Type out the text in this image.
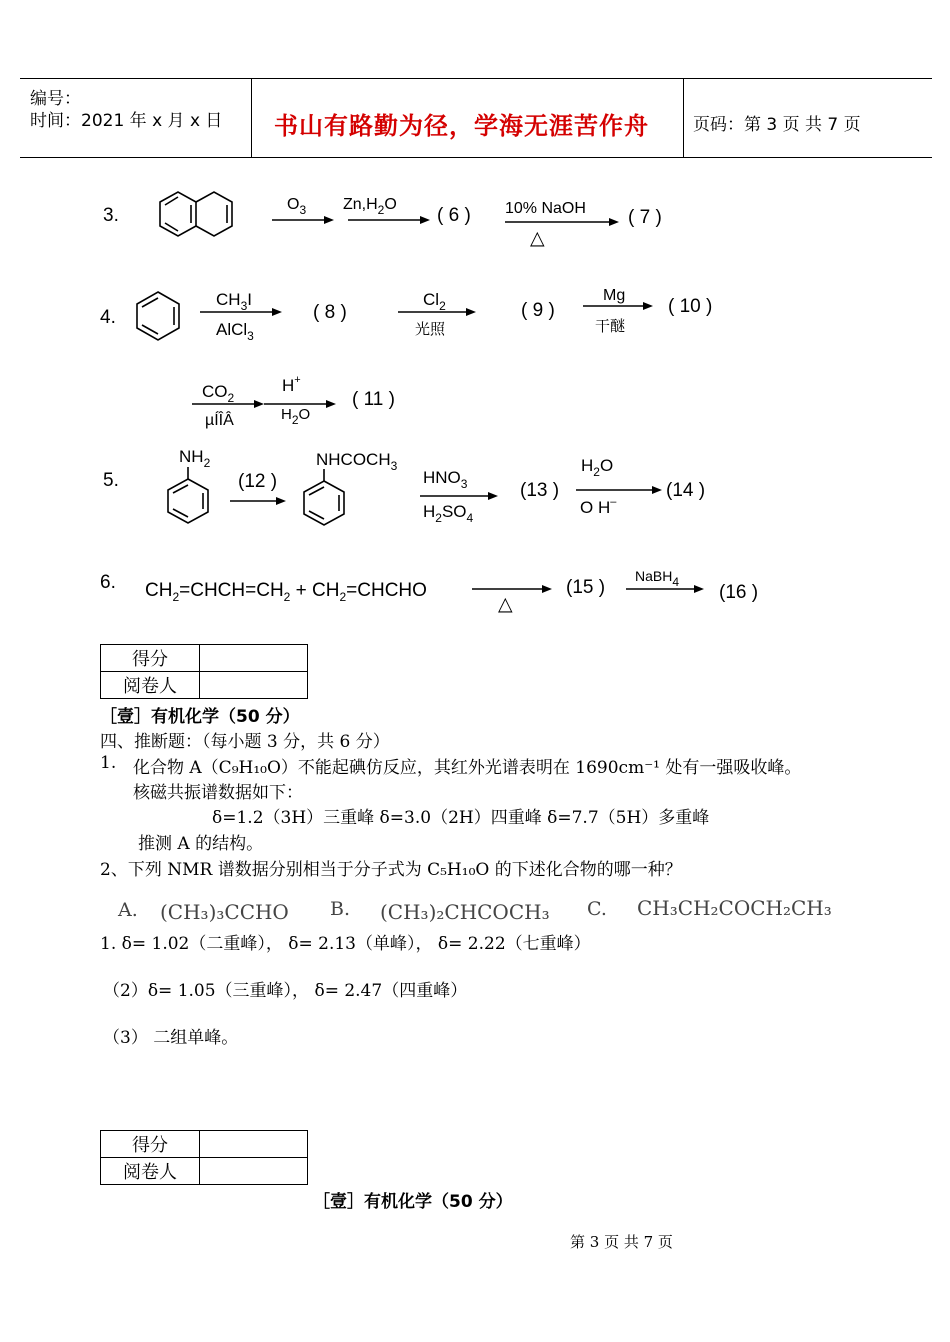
编号：
时间：2021 年 x 月 x 日 书山有路勤为径，学海无涯苦作舟	页码：第 3 页 共 7 页
3.
$O_3$ $Zn,H_2O$
( 6 ) 10% NaOH
△
( 7 )
4.
$CH_3I$
AlCl$_3$
( 8 )
$Cl_2$
光照
( 9 )
Mg
干醚
( 10 )
$CO_2$
µÍÎÂ
H+
$H_2O$
( 11 )
5.
$NH_2$
(12 )
$NHCOCH_3$
$HNO_3$
$H_2SO_4$
(13 )
$H_2O$
O H–
(14 )
6. $CH_2=CHCH=CH_2$ + $CH_2=CHCHO$
△
(15 )
NaBH4 (16 )
得分	
阅卷人	
［壹］有机化学（50 分）
四、推断题：（每小题 3 分，共 6 分）
1. 化合物 A（C₉H₁₀O）不能起碘仿反应，其红外光谱表明在 1690cm⁻¹ 处有一强吸收峰。
核磁共振谱数据如下：
δ=1.2（3H）三重峰 δ=3.0（2H）四重峰 δ=7.7（5H）多重峰
推测 A 的结构。
2、下列 NMR 谱数据分别相当于分子式为 C₅H₁₀O 的下述化合物的哪一种？
A. (CH₃)₃CCHO B. (CH₃)₂CHCOCH₃ C. CH₃CH₂COCH₂CH₃
1. δ= 1.02（二重峰）， δ= 2.13（单峰）， δ= 2.22（七重峰）
（2）δ= 1.05（三重峰）， δ= 2.47（四重峰）
（3） 二组单峰。
得分	
阅卷人	
［壹］有机化学（50 分）
第 3 页 共 7 页
